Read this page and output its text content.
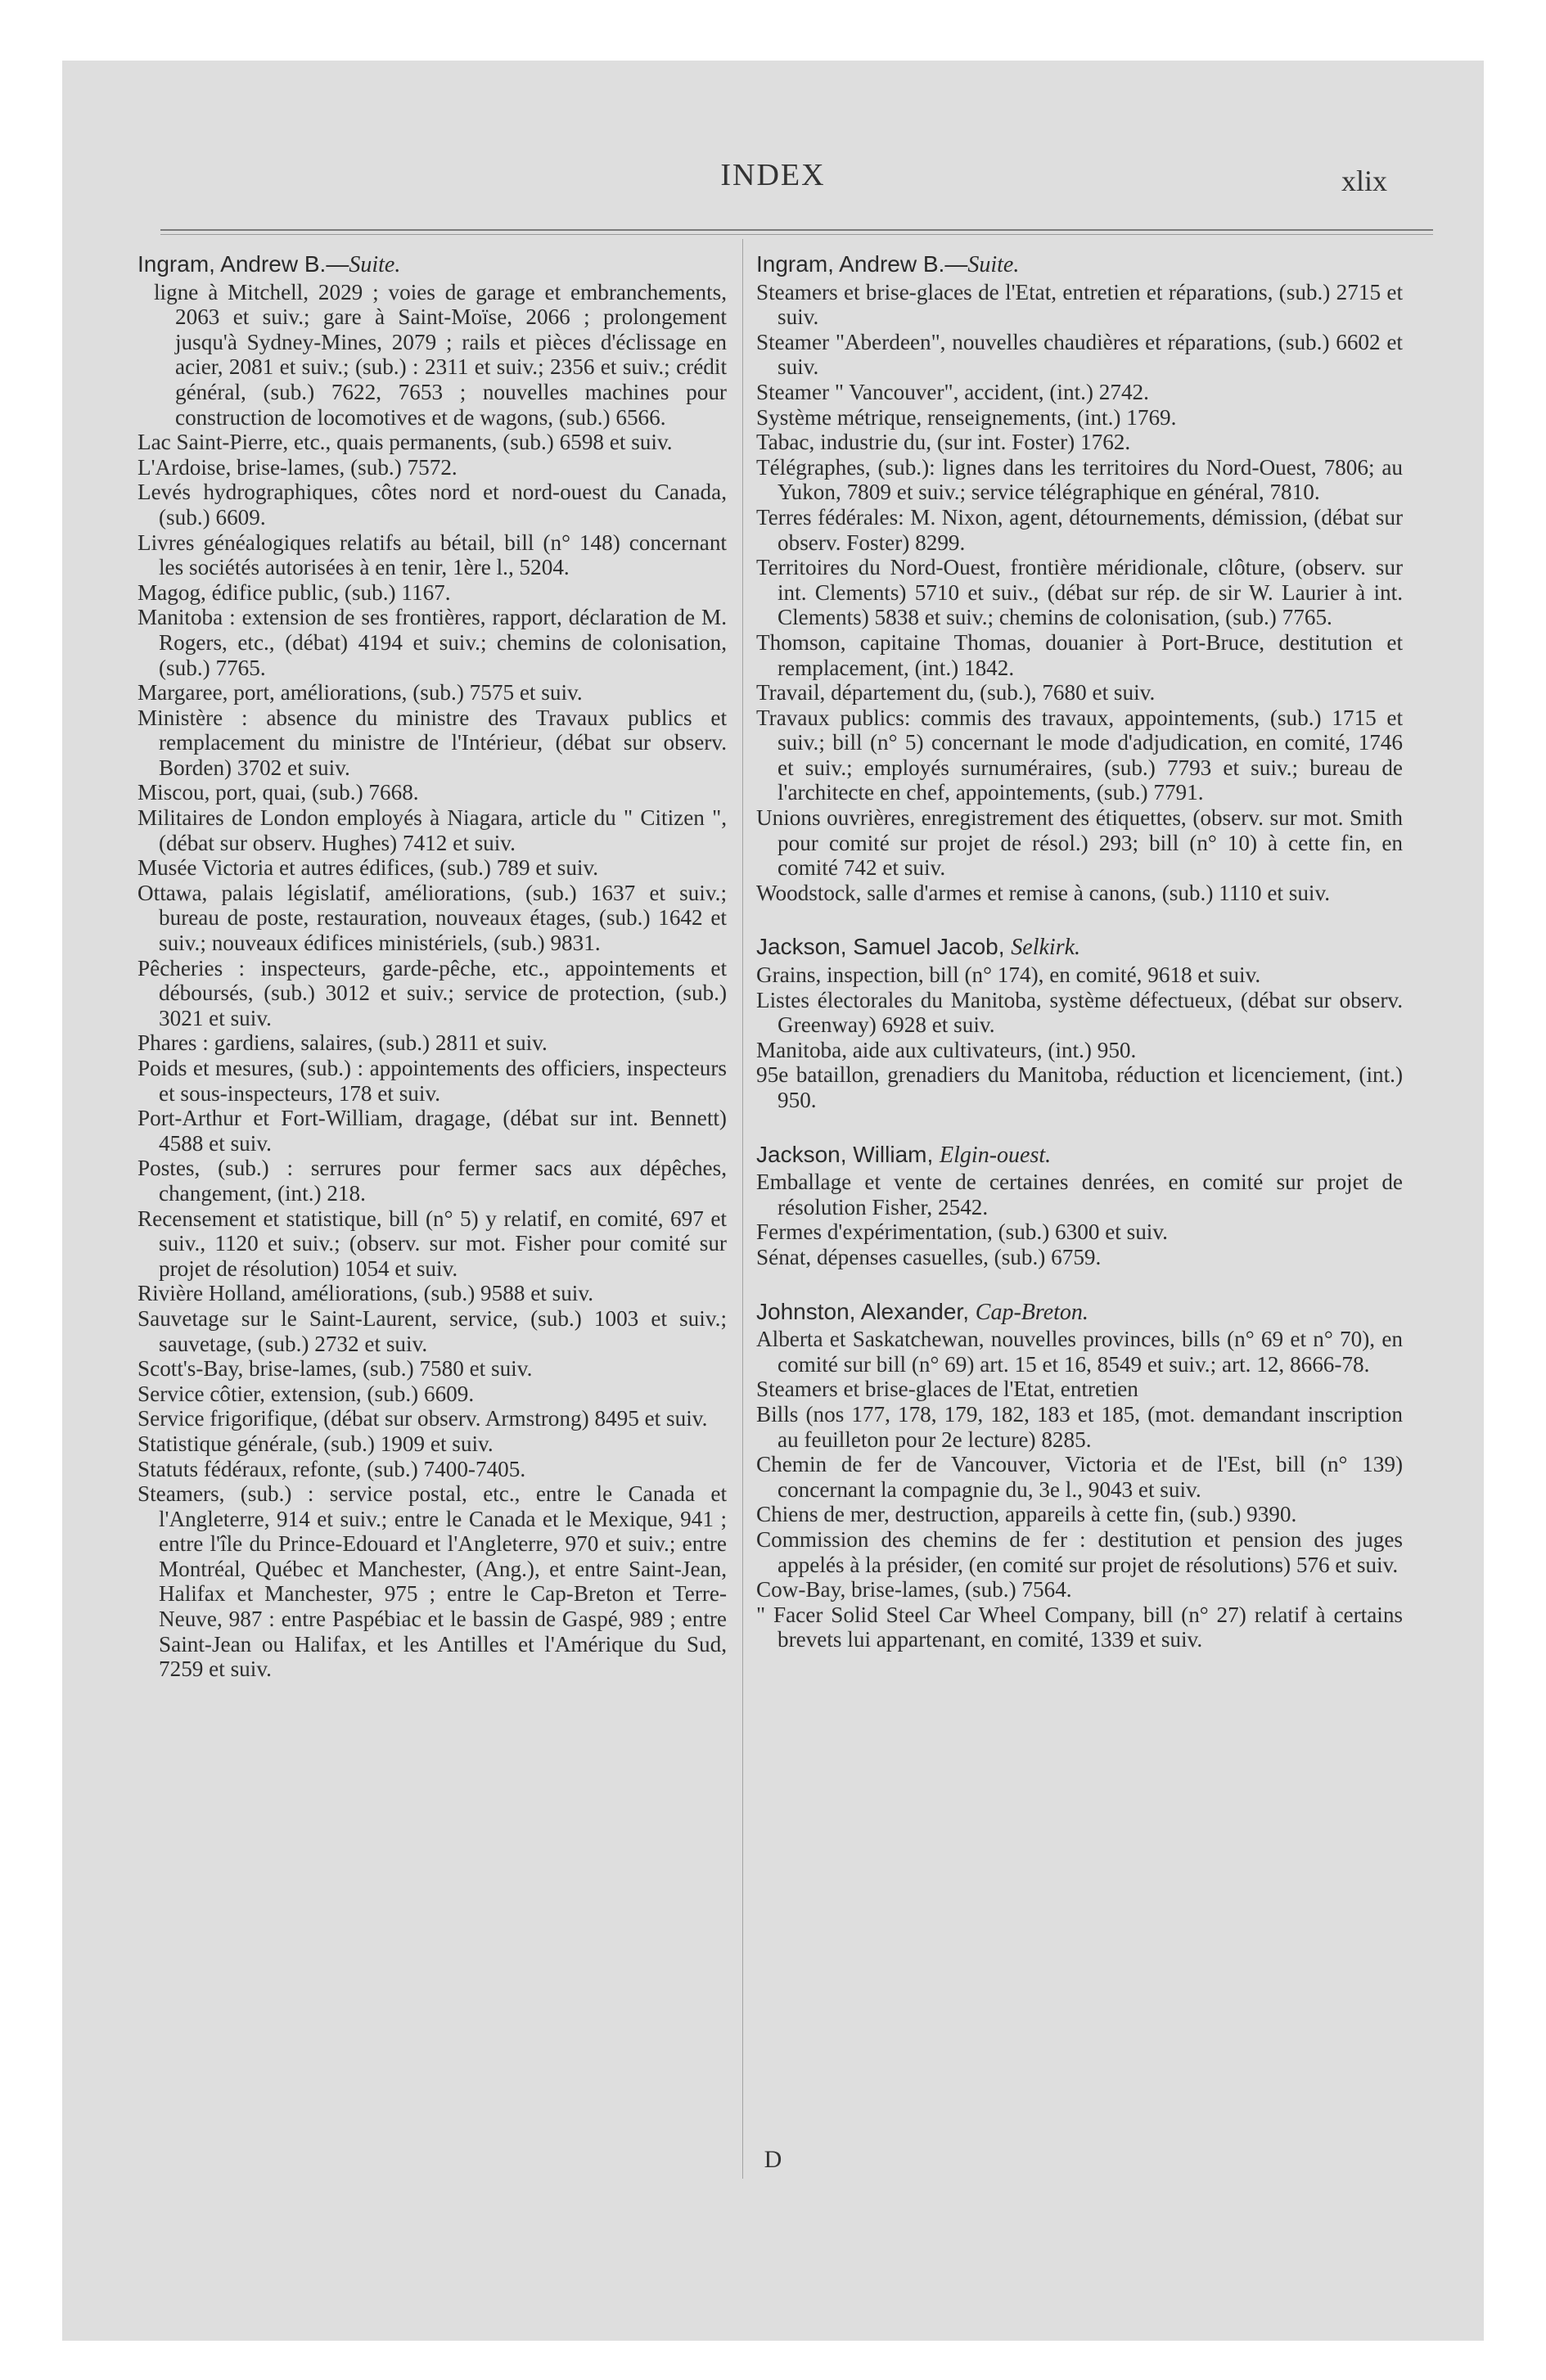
INDEX	xlix

Ingram, Andrew B.—Suite.

ligne à Mitchell, 2029 ; voies de garage et embranchements, 2063 et suiv.; gare à Saint-Moïse, 2066 ; prolongement jusqu'à Sydney-Mines, 2079 ; rails et pièces d'éclissage en acier, 2081 et suiv.; (sub.) : 2311 et suiv.; 2356 et suiv.; crédit général, (sub.) 7622, 7653 ; nouvelles machines pour construction de locomotives et de wagons, (sub.) 6566.

Lac Saint-Pierre, etc., quais permanents, (sub.) 6598 et suiv.

L'Ardoise, brise-lames, (sub.) 7572.

Levés hydrographiques, côtes nord et nord-ouest du Canada, (sub.) 6609.

Livres généalogiques relatifs au bétail, bill (n° 148) concernant les sociétés autorisées à en tenir, 1ère l., 5204.

Magog, édifice public, (sub.) 1167.

Manitoba : extension de ses frontières, rapport, déclaration de M. Rogers, etc., (débat) 4194 et suiv.; chemins de colonisation, (sub.) 7765.

Margaree, port, améliorations, (sub.) 7575 et suiv.

Ministère : absence du ministre des Travaux publics et remplacement du ministre de l'Intérieur, (débat sur observ. Borden) 3702 et suiv.

Miscou, port, quai, (sub.) 7668.

Militaires de London employés à Niagara, article du " Citizen ", (débat sur observ. Hughes) 7412 et suiv.

Musée Victoria et autres édifices, (sub.) 789 et suiv.

Ottawa, palais législatif, améliorations, (sub.) 1637 et suiv.; bureau de poste, restauration, nouveaux étages, (sub.) 1642 et suiv.; nouveaux édifices ministériels, (sub.) 9831.

Pêcheries : inspecteurs, garde-pêche, etc., appointements et déboursés, (sub.) 3012 et suiv.; service de protection, (sub.) 3021 et suiv.

Phares : gardiens, salaires, (sub.) 2811 et suiv.

Poids et mesures, (sub.) : appointements des officiers, inspecteurs et sous-inspecteurs, 178 et suiv.

Port-Arthur et Fort-William, dragage, (débat sur int. Bennett) 4588 et suiv.

Postes, (sub.) : serrures pour fermer sacs aux dépêches, changement, (int.) 218.

Recensement et statistique, bill (n° 5) y relatif, en comité, 697 et suiv., 1120 et suiv.; (observ. sur mot. Fisher pour comité sur projet de résolution) 1054 et suiv.

Rivière Holland, améliorations, (sub.) 9588 et suiv.

Sauvetage sur le Saint-Laurent, service, (sub.) 1003 et suiv.; sauvetage, (sub.) 2732 et suiv.

Scott's-Bay, brise-lames, (sub.) 7580 et suiv.

Service côtier, extension, (sub.) 6609.

Service frigorifique, (débat sur observ. Armstrong) 8495 et suiv.

Statistique générale, (sub.) 1909 et suiv.

Statuts fédéraux, refonte, (sub.) 7400-7405.

Steamers, (sub.) : service postal, etc., entre le Canada et l'Angleterre, 914 et suiv.; entre le Canada et le Mexique, 941 ; entre l'île du Prince-Edouard et l'Angleterre, 970 et suiv.; entre Montréal, Québec et Manchester, (Ang.), et entre Saint-Jean, Halifax et Manchester, 975 ; entre le Cap-Breton et Terre-Neuve, 987 : entre Paspébiac et le bassin de Gaspé, 989 ; entre Saint-Jean ou Halifax, et les Antilles et l'Amérique du Sud, 7259 et suiv.

Ingram, Andrew B.—Suite.

Steamers et brise-glaces de l'Etat, entretien et réparations, (sub.) 2715 et suiv.

Steamer "Aberdeen", nouvelles chaudières et réparations, (sub.) 6602 et suiv.

Steamer " Vancouver", accident, (int.) 2742.

Système métrique, renseignements, (int.) 1769.

Tabac, industrie du, (sur int. Foster) 1762.

Télégraphes, (sub.): lignes dans les territoires du Nord-Ouest, 7806; au Yukon, 7809 et suiv.; service télégraphique en général, 7810.

Terres fédérales: M. Nixon, agent, détournements, démission, (débat sur observ. Foster) 8299.

Territoires du Nord-Ouest, frontière méridionale, clôture, (observ. sur int. Clements) 5710 et suiv., (débat sur rép. de sir W. Laurier à int. Clements) 5838 et suiv.; chemins de colonisation, (sub.) 7765.

Thomson, capitaine Thomas, douanier à Port-Bruce, destitution et remplacement, (int.) 1842.

Travail, département du, (sub.), 7680 et suiv.

Travaux publics: commis des travaux, appointements, (sub.) 1715 et suiv.; bill (n° 5) concernant le mode d'adjudication, en comité, 1746 et suiv.; employés surnuméraires, (sub.) 7793 et suiv.; bureau de l'architecte en chef, appointements, (sub.) 7791.

Unions ouvrières, enregistrement des étiquettes, (observ. sur mot. Smith pour comité sur projet de résol.) 293; bill (n° 10) à cette fin, en comité 742 et suiv.

Woodstock, salle d'armes et remise à canons, (sub.) 1110 et suiv.

Jackson, Samuel Jacob, Selkirk.

Grains, inspection, bill (n° 174), en comité, 9618 et suiv.

Listes électorales du Manitoba, système défectueux, (débat sur observ. Greenway) 6928 et suiv.

Manitoba, aide aux cultivateurs, (int.) 950.

95e bataillon, grenadiers du Manitoba, réduction et licenciement, (int.) 950.

Jackson, William, Elgin-ouest.

Emballage et vente de certaines denrées, en comité sur projet de résolution Fisher, 2542.

Fermes d'expérimentation, (sub.) 6300 et suiv.

Sénat, dépenses casuelles, (sub.) 6759.

Johnston, Alexander, Cap-Breton.

Alberta et Saskatchewan, nouvelles provinces, bills (n° 69 et n° 70), en comité sur bill (n° 69) art. 15 et 16, 8549 et suiv.; art. 12, 8666-78.

Steamers et brise-glaces de l'Etat, entretien

Bills (nos 177, 178, 179, 182, 183 et 185, (mot. demandant inscription au feuilleton pour 2e lecture) 8285.

Chemin de fer de Vancouver, Victoria et de l'Est, bill (n° 139) concernant la compagnie du, 3e l., 9043 et suiv.

Chiens de mer, destruction, appareils à cette fin, (sub.) 9390.

Commission des chemins de fer : destitution et pension des juges appelés à la présider, (en comité sur projet de résolutions) 576 et suiv.

Cow-Bay, brise-lames, (sub.) 7564.

" Facer Solid Steel Car Wheel Company, bill (n° 27) relatif à certains brevets lui appartenant, en comité, 1339 et suiv.

D
